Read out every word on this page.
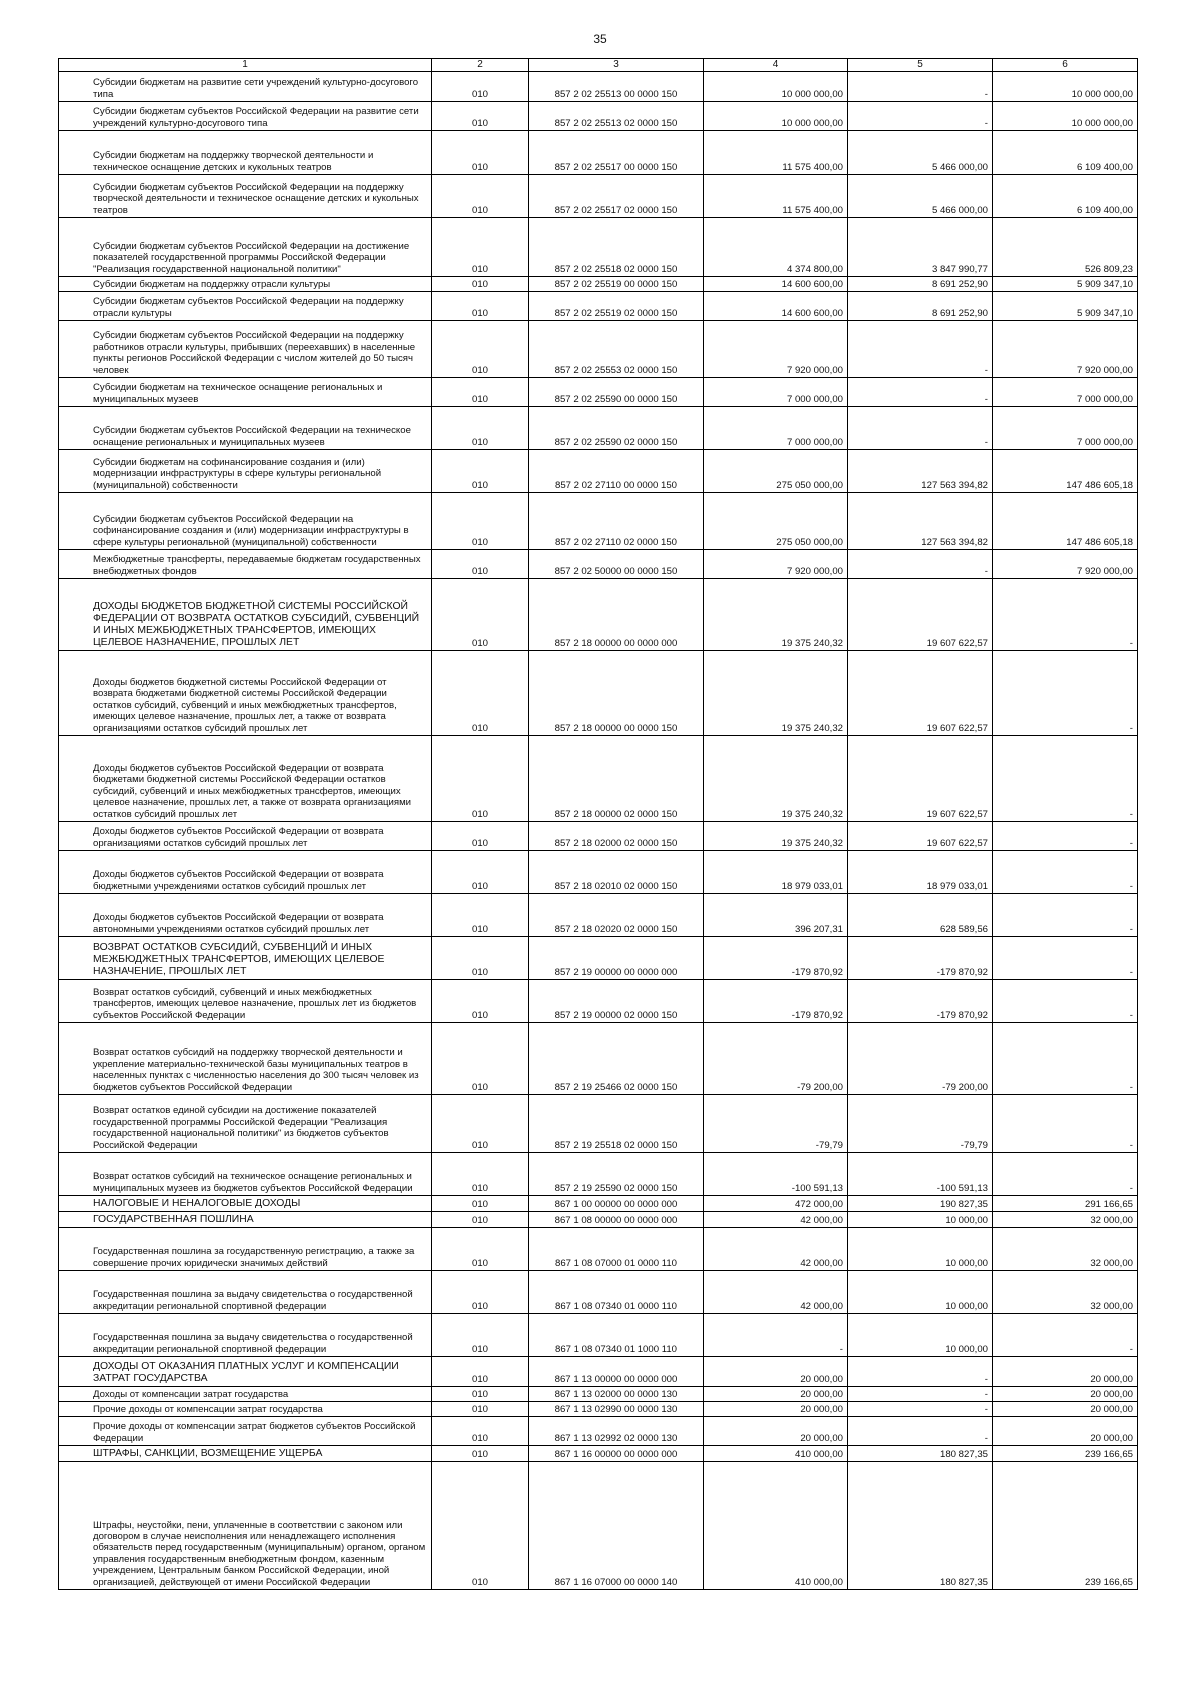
35
1	2	3	4	5	6
Субсидии бюджетам на развитие сети учреждений культурно-досугового типа	010	857 2 02 25513 00 0000 150	10 000 000,00	-	10 000 000,00
Субсидии бюджетам субъектов Российской Федерации на развитие сети учреждений культурно-досугового типа	010	857 2 02 25513 02 0000 150	10 000 000,00	-	10 000 000,00
Субсидии бюджетам на поддержку творческой деятельности и техническое оснащение детских и кукольных театров	010	857 2 02 25517 00 0000 150	11 575 400,00	5 466 000,00	6 109 400,00
Субсидии бюджетам субъектов Российской Федерации на поддержку творческой деятельности и техническое оснащение детских и кукольных театров	010	857 2 02 25517 02 0000 150	11 575 400,00	5 466 000,00	6 109 400,00
Субсидии бюджетам субъектов Российской Федерации на достижение показателей государственной программы Российской Федерации "Реализация государственной национальной политики"	010	857 2 02 25518 02 0000 150	4 374 800,00	3 847 990,77	526 809,23
Субсидии бюджетам на поддержку отрасли культуры	010	857 2 02 25519 00 0000 150	14 600 600,00	8 691 252,90	5 909 347,10
Субсидии бюджетам субъектов Российской Федерации на поддержку отрасли культуры	010	857 2 02 25519 02 0000 150	14 600 600,00	8 691 252,90	5 909 347,10
Субсидии бюджетам субъектов Российской Федерации на поддержку работников отрасли культуры, прибывших (переехавших) в населенные пункты регионов Российской Федерации с числом жителей до 50 тысяч человек	010	857 2 02 25553 02 0000 150	7 920 000,00	-	7 920 000,00
Субсидии бюджетам на техническое оснащение региональных и муниципальных музеев	010	857 2 02 25590 00 0000 150	7 000 000,00	-	7 000 000,00
Субсидии бюджетам субъектов Российской Федерации на техническое оснащение региональных и муниципальных музеев	010	857 2 02 25590 02 0000 150	7 000 000,00	-	7 000 000,00
Субсидии бюджетам на софинансирование создания и (или) модернизации инфраструктуры в сфере культуры региональной (муниципальной) собственности	010	857 2 02 27110 00 0000 150	275 050 000,00	127 563 394,82	147 486 605,18
Субсидии бюджетам субъектов Российской Федерации на софинансирование создания и (или) модернизации инфраструктуры в сфере культуры региональной (муниципальной) собственности	010	857 2 02 27110 02 0000 150	275 050 000,00	127 563 394,82	147 486 605,18
Межбюджетные трансферты, передаваемые бюджетам государственных внебюджетных фондов	010	857 2 02 50000 00 0000 150	7 920 000,00	-	7 920 000,00
ДОХОДЫ БЮДЖЕТОВ БЮДЖЕТНОЙ СИСТЕМЫ РОССИЙСКОЙ ФЕДЕРАЦИИ ОТ ВОЗВРАТА ОСТАТКОВ СУБСИДИЙ, СУБВЕНЦИЙ И ИНЫХ МЕЖБЮДЖЕТНЫХ ТРАНСФЕРТОВ, ИМЕЮЩИХ ЦЕЛЕВОЕ НАЗНАЧЕНИЕ, ПРОШЛЫХ ЛЕТ	010	857 2 18 00000 00 0000 000	19 375 240,32	19 607 622,57	-
Доходы бюджетов бюджетной системы Российской Федерации от возврата бюджетами бюджетной системы Российской Федерации остатков субсидий, субвенций и иных межбюджетных трансфертов, имеющих целевое назначение, прошлых лет, а также от возврата организациями остатков субсидий прошлых лет	010	857 2 18 00000 00 0000 150	19 375 240,32	19 607 622,57	-
Доходы бюджетов субъектов Российской Федерации от возврата бюджетами бюджетной системы Российской Федерации остатков субсидий, субвенций и иных межбюджетных трансфертов, имеющих целевое назначение, прошлых лет, а также от возврата организациями остатков субсидий прошлых лет	010	857 2 18 00000 02 0000 150	19 375 240,32	19 607 622,57	-
Доходы бюджетов субъектов Российской Федерации от возврата организациями остатков субсидий прошлых лет	010	857 2 18 02000 02 0000 150	19 375 240,32	19 607 622,57	-
Доходы бюджетов субъектов Российской Федерации от возврата бюджетными учреждениями остатков субсидий прошлых лет	010	857 2 18 02010 02 0000 150	18 979 033,01	18 979 033,01	-
Доходы бюджетов субъектов Российской Федерации от возврата автономными учреждениями остатков субсидий прошлых лет	010	857 2 18 02020 02 0000 150	396 207,31	628 589,56	-
ВОЗВРАТ ОСТАТКОВ СУБСИДИЙ, СУБВЕНЦИЙ И ИНЫХ МЕЖБЮДЖЕТНЫХ ТРАНСФЕРТОВ, ИМЕЮЩИХ ЦЕЛЕВОЕ НАЗНАЧЕНИЕ, ПРОШЛЫХ ЛЕТ	010	857 2 19 00000 00 0000 000	-179 870,92	-179 870,92	-
Возврат остатков субсидий, субвенций и иных межбюджетных трансфертов, имеющих целевое назначение, прошлых лет из бюджетов субъектов Российской Федерации	010	857 2 19 00000 02 0000 150	-179 870,92	-179 870,92	-
Возврат остатков субсидий на поддержку творческой деятельности и укрепление материально-технической базы муниципальных театров в населенных пунктах с численностью населения до 300 тысяч человек из бюджетов субъектов Российской Федерации	010	857 2 19 25466 02 0000 150	-79 200,00	-79 200,00	-
Возврат остатков единой субсидии на достижение показателей государственной программы Российской Федерации "Реализация государственной национальной политики" из бюджетов субъектов Российской Федерации	010	857 2 19 25518 02 0000 150	-79,79	-79,79	-
Возврат остатков субсидий на техническое оснащение региональных и муниципальных музеев из бюджетов субъектов Российской Федерации	010	857 2 19 25590 02 0000 150	-100 591,13	-100 591,13	-
НАЛОГОВЫЕ И НЕНАЛОГОВЫЕ ДОХОДЫ	010	867 1 00 00000 00 0000 000	472 000,00	190 827,35	291 166,65
ГОСУДАРСТВЕННАЯ ПОШЛИНА	010	867 1 08 00000 00 0000 000	42 000,00	10 000,00	32 000,00
Государственная пошлина за государственную регистрацию, а также за совершение прочих юридически значимых действий	010	867 1 08 07000 01 0000 110	42 000,00	10 000,00	32 000,00
Государственная пошлина за выдачу свидетельства о государственной аккредитации региональной спортивной федерации	010	867 1 08 07340 01 0000 110	42 000,00	10 000,00	32 000,00
Государственная пошлина за выдачу свидетельства о государственной аккредитации региональной спортивной федерации	010	867 1 08 07340 01 1000 110	-	10 000,00	-
ДОХОДЫ ОТ ОКАЗАНИЯ ПЛАТНЫХ УСЛУГ И КОМПЕНСАЦИИ ЗАТРАТ ГОСУДАРСТВА	010	867 1 13 00000 00 0000 000	20 000,00	-	20 000,00
Доходы от компенсации затрат государства	010	867 1 13 02000 00 0000 130	20 000,00	-	20 000,00
Прочие доходы от компенсации затрат государства	010	867 1 13 02990 00 0000 130	20 000,00	-	20 000,00
Прочие доходы от компенсации затрат бюджетов субъектов Российской Федерации	010	867 1 13 02992 02 0000 130	20 000,00	-	20 000,00
ШТРАФЫ, САНКЦИИ, ВОЗМЕЩЕНИЕ УЩЕРБА	010	867 1 16 00000 00 0000 000	410 000,00	180 827,35	239 166,65
Штрафы, неустойки, пени, уплаченные в соответствии с законом или договором в случае неисполнения или ненадлежащего исполнения обязательств перед государственным (муниципальным) органом, органом управления государственным внебюджетным фондом, казенным учреждением, Центральным банком Российской Федерации, иной организацией, действующей от имени Российской Федерации	010	867 1 16 07000 00 0000 140	410 000,00	180 827,35	239 166,65
